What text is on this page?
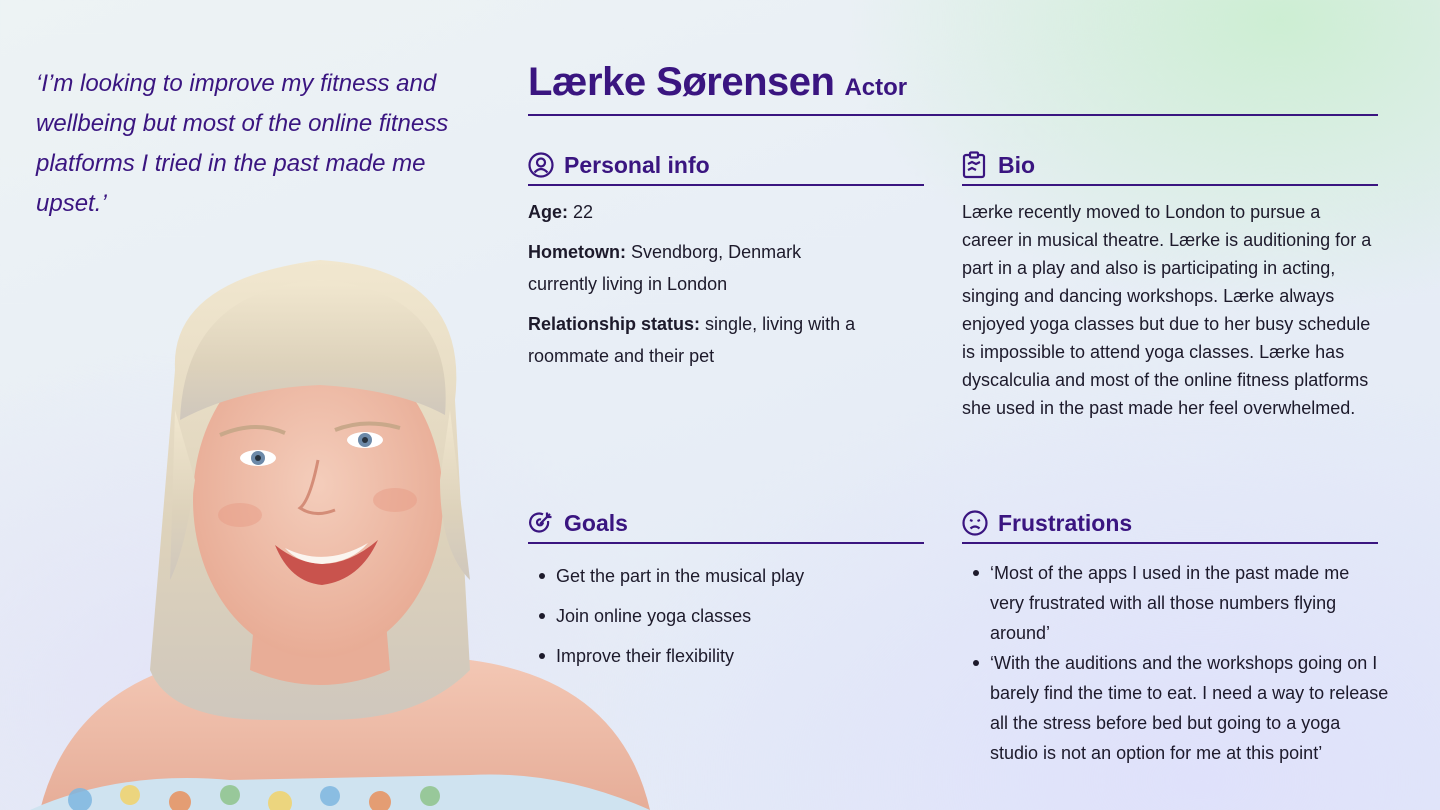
‘I’m looking to improve my fitness and wellbeing but most of the online fitness platforms I tried in the past made me upset.’

Lærke Sørensen Actor
Personal info

Age: 22

Hometown: Svendborg, Denmark currently living in London

Relationship status: single, living with a roommate and their pet

Bio

Lærke recently moved to London to pursue a career in musical theatre. Lærke is auditioning for a part in a play and also is participating in acting, singing and dancing workshops. Lærke always enjoyed yoga classes but due to her busy schedule is impossible to attend yoga classes. Lærke has dyscalculia and most of the online fitness platforms she used in the past made her feel overwhelmed.

Goals
Get the part in the musical play
Join online yoga classes
Improve their flexibility
Frustrations
‘Most of the apps I used in the past made me very frustrated with all those numbers flying around’
‘With the auditions and the workshops going on I barely find the time to eat. I need a way to release all the stress before bed but going to a yoga studio is not an option for me at this point’
